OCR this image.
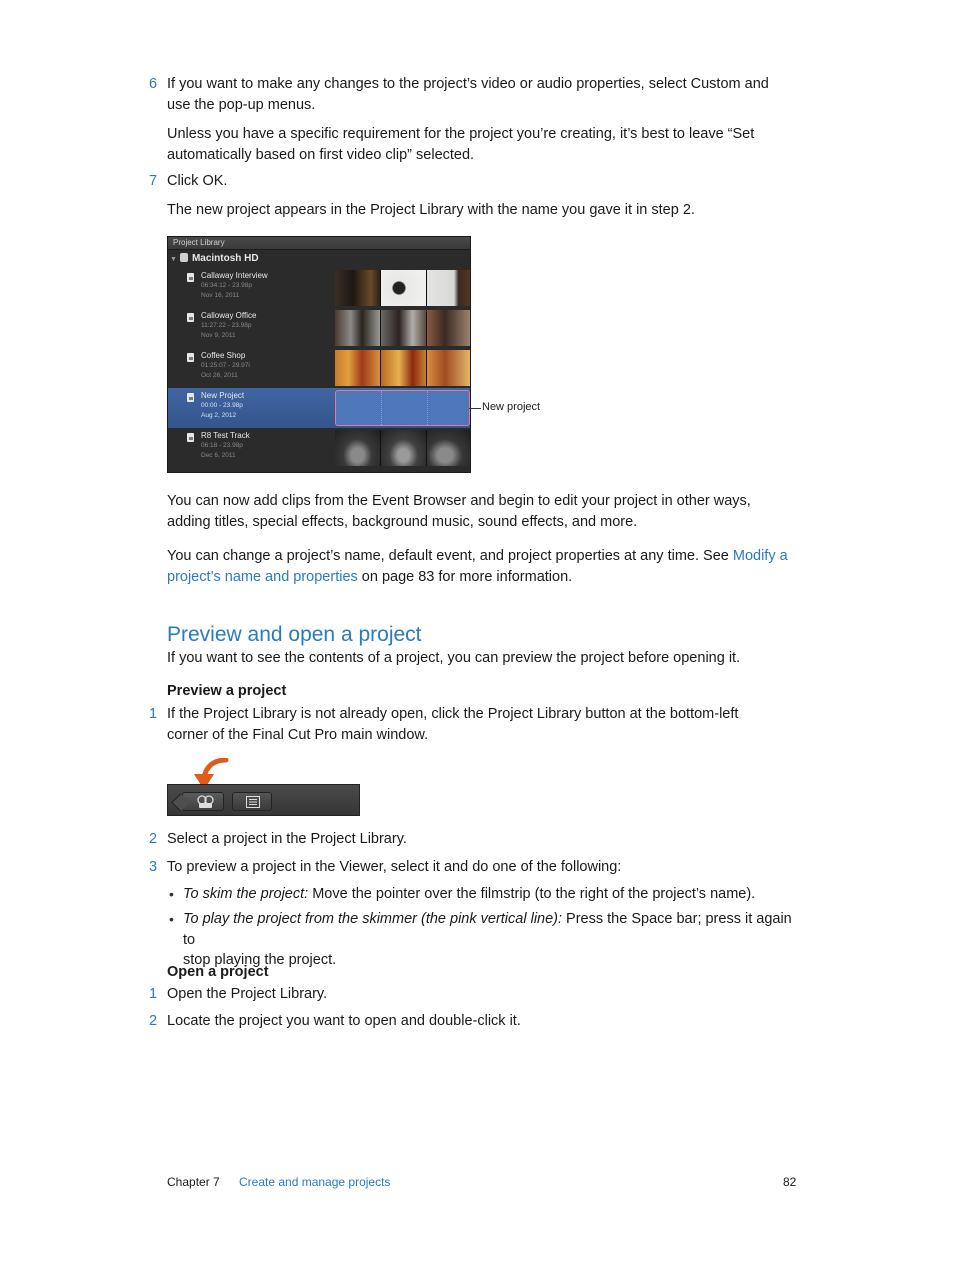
6 If you want to make any changes to the project’s video or audio properties, select Custom and
use the pop-up menus.
Unless you have a specific requirement for the project you’re creating, it’s best to leave “Set
automatically based on first video clip” selected.
7 Click OK.
The new project appears in the Project Library with the name you gave it in step 2.
Project Library
▼ Macintosh HD
Callaway Interview
06:34:12 - 23.98p
Nov 16, 2011
Calloway Office
11:27:22 - 23.98p
Nov 9, 2011
Coffee Shop
01:25:07 - 29.97i
Oct 26, 2011
New Project
00:00 - 23.98p
Aug 2, 2012
R8 Test Track
06:18 - 23.98p
Dec 6, 2011
New project
You can now add clips from the Event Browser and begin to edit your project in other ways,
adding titles, special effects, background music, sound effects, and more.
You can change a project’s name, default event, and project properties at any time. See Modify a
project’s name and properties on page 83 for more information.
Preview and open a project
If you want to see the contents of a project, you can preview the project before opening it.
Preview a project
1 If the Project Library is not already open, click the Project Library button at the bottom-left
corner of the Final Cut Pro main window.
2 Select a project in the Project Library.
3 To preview a project in the Viewer, select it and do one of the following:
• To skim the project: Move the pointer over the filmstrip (to the right of the project’s name).
• To play the project from the skimmer (the pink vertical line): Press the Space bar; press it again to
stop playing the project.
Open a project
1 Open the Project Library.
2 Locate the project you want to open and double-click it.
Chapter 7 Create and manage projects	82
